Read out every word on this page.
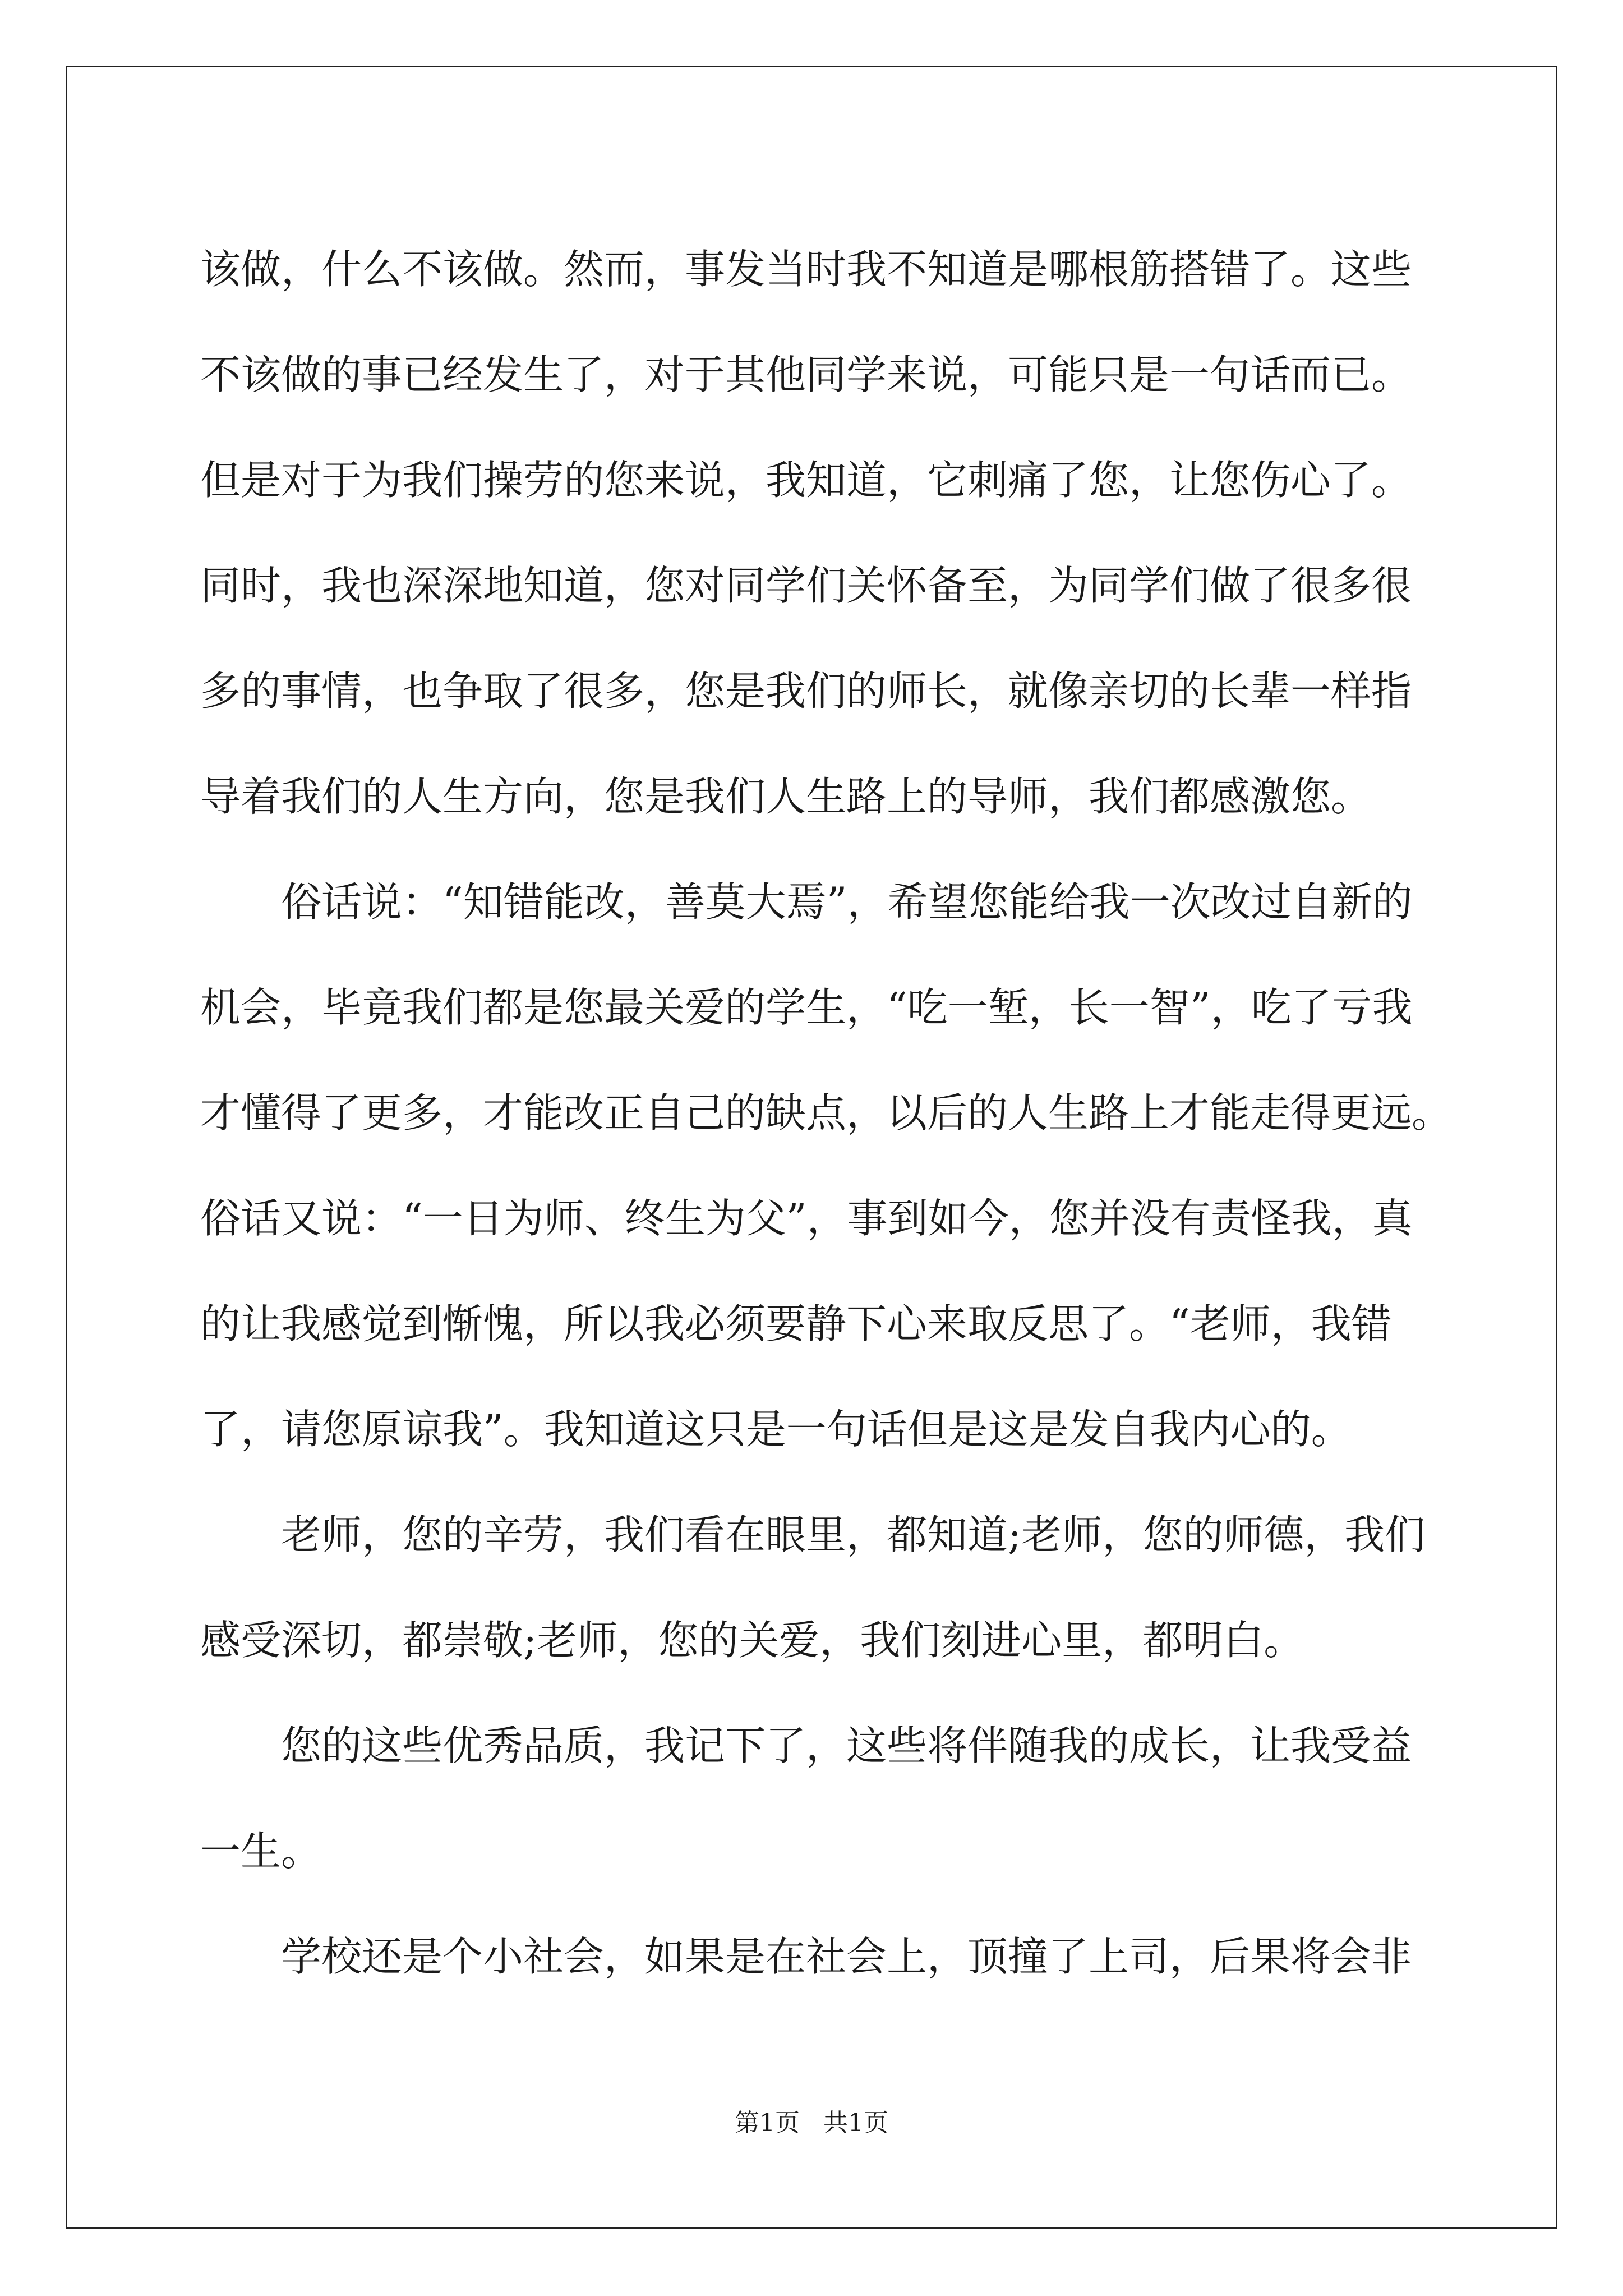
该做，什么不该做。然而，事发当时我不知道是哪根筋搭错了。这些
不该做的事已经发生了，对于其他同学来说，可能只是一句话而已。
但是对于为我们操劳的您来说，我知道，它刺痛了您，让您伤心了。
同时，我也深深地知道，您对同学们关怀备至，为同学们做了很多很
多的事情，也争取了很多，您是我们的师长，就像亲切的长辈一样指
导着我们的人生方向，您是我们人生路上的导师，我们都感激您。
俗话说：“知错能改，善莫大焉”，希望您能给我一次改过自新的
机会，毕竟我们都是您最关爱的学生，“吃一堑，长一智”，吃了亏我
才懂得了更多，才能改正自己的缺点，以后的人生路上才能走得更远。
俗话又说：“一日为师、终生为父”，事到如今，您并没有责怪我，真
的让我感觉到惭愧，所以我必须要静下心来取反思了。“老师，我错
了，请您原谅我”。我知道这只是一句话但是这是发自我内心的。
老师，您的辛劳，我们看在眼里，都知道;老师，您的师德，我们
感受深切，都崇敬;老师，您的关爱，我们刻进心里，都明白。
您的这些优秀品质，我记下了，这些将伴随我的成长，让我受益
一生。
学校还是个小社会，如果是在社会上，顶撞了上司，后果将会非
第1页   共1页
